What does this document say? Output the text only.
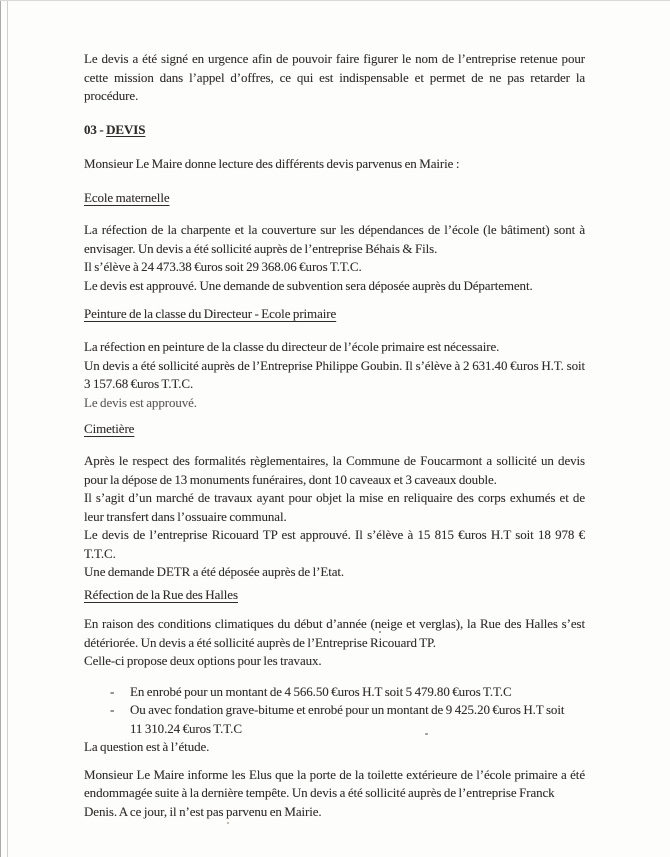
Le devis a été signé en urgence afin de pouvoir faire figurer le nom de l’entreprise retenue pour
cette mission dans l’appel d’offres, ce qui est indispensable et permet de ne pas retarder la
procédure.
03 - DEVIS
Monsieur Le Maire donne lecture des différents devis parvenus en Mairie :
Ecole maternelle
La réfection de la charpente et la couverture sur les dépendances de l’école (le bâtiment) sont à
envisager. Un devis a été sollicité auprès de l’entreprise Béhais & Fils.
Il s’élève à 24 473.38 €uros soit 29 368.06 €uros T.T.C.
Le devis est approuvé. Une demande de subvention sera déposée auprès du Département.
Peinture de la classe du Directeur - Ecole primaire
La réfection en peinture de la classe du directeur de l’école primaire est nécessaire.
Un devis a été sollicité auprès de l’Entreprise Philippe Goubin. Il s’élève à 2 631.40 €uros H.T. soit
3 157.68 €uros T.T.C.
Le devis est approuvé.
Cimetière
Après le respect des formalités règlementaires, la Commune de Foucarmont a sollicité un devis
pour la dépose de 13 monuments funéraires, dont 10 caveaux et 3 caveaux double.
Il s’agit d’un marché de travaux ayant pour objet la mise en reliquaire des corps exhumés et de
leur transfert dans l’ossuaire communal.
Le devis de l’entreprise Ricouard TP est approuvé. Il s’élève à 15 815 €uros H.T soit 18 978 €
T.T.C.
Une demande DETR a été déposée auprès de l’Etat.
Réfection de la Rue des Halles
En raison des conditions climatiques du début d’année (neige et verglas), la Rue des Halles s’est
détériorée. Un devis a été sollicité auprès de l’Entreprise Ricouard TP.
Celle-ci propose deux options pour les travaux.
-	En enrobé pour un montant de 4 566.50 €uros H.T soit 5 479.80 €uros T.T.C
-	Ou avec fondation grave-bitume et enrobé pour un montant de 9 425.20 €uros H.T soit
11 310.24 €uros T.T.C
La question est à l’étude.
Monsieur Le Maire informe les Elus que la porte de la toilette extérieure de l’école primaire a été
endommagée suite à la dernière tempête. Un devis a été sollicité auprès de l’entreprise Franck
Denis. A ce jour, il n’est pas parvenu en Mairie.
